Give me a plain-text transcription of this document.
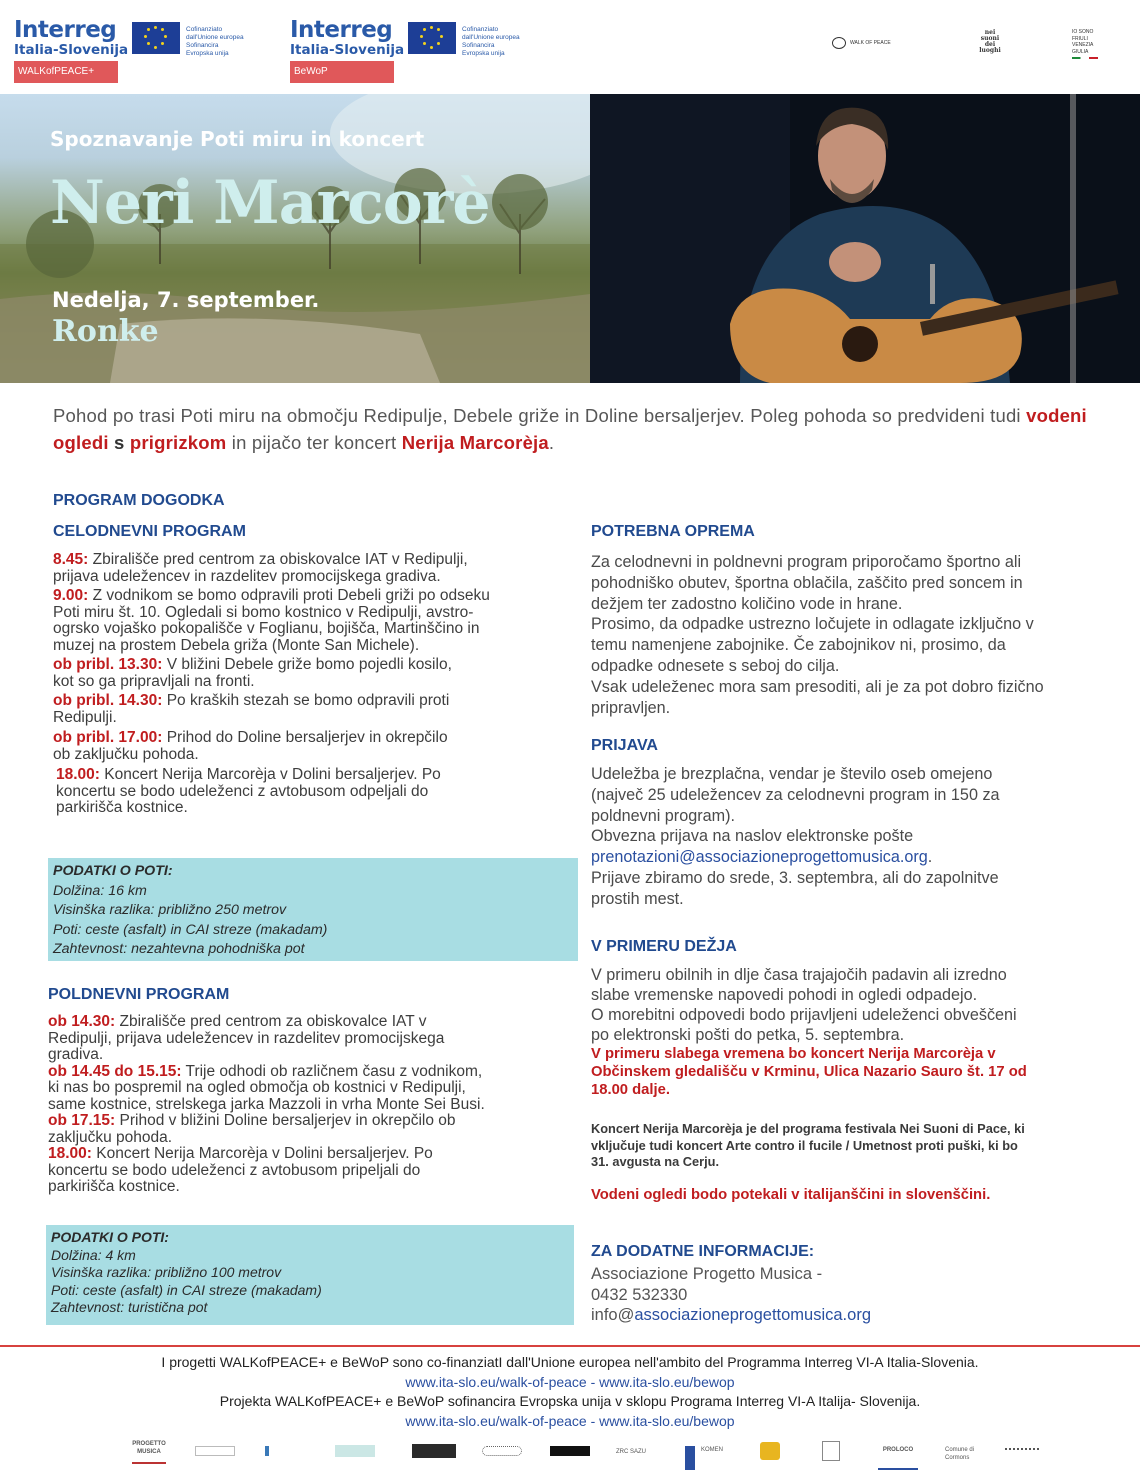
Interreg
Italia-Slovenija
WALKofPEACE+
Cofinanziato
dall'Unione europea
Sofinancira
Evropska unija
Interreg
Italia-Slovenija
BeWoP
Cofinanziato
dall'Unione europea
Sofinancira
Evropska unija
WALK OF PEACE
nei
suoni
dei
luoghi
IO SONO
FRIULI
VENEZIA
GIULIA
Spoznavanje Poti miru in koncert
Neri Marcorè
Nedelja, 7. september.
Ronke
Pohod po trasi Poti miru na območju Redipulje, Debele griže in Doline bersaljerjev. Poleg pohoda so predvideni tudi vodeni ogledi s prigrizkom in pijačo ter koncert Nerija Marcorèja.
PROGRAM DOGODKA
CELODNEVNI PROGRAM
8.45: Zbirališče pred centrom za obiskovalce IAT v Redipulji,
prijava udeležencev in razdelitev promocijskega gradiva.
9.00: Z vodnikom se bomo odpravili proti Debeli griži po odseku
Poti miru št. 10. Ogledali si bomo kostnico v Redipulji, avstro-
ogrsko vojaško pokopališče v Foglianu, bojišča, Martinščino in
muzej na prostem Debela griža (Monte San Michele).
ob pribl. 13.30: V bližini Debele griže bomo pojedli kosilo,
kot so ga pripravljali na fronti.
ob pribl. 14.30: Po kraških stezah se bomo odpravili proti
Redipulji.
ob pribl. 17.00: Prihod do Doline bersaljerjev in okrepčilo
ob zaključku pohoda.
18.00: Koncert Nerija Marcorèja v Dolini bersaljerjev. Po
koncertu se bodo udeleženci z avtobusom odpeljali do
parkirišča kostnice.
PODATKI O POTI:
Dolžina: 16 km
Visinška razlika: približno 250 metrov
Poti: ceste (asfalt) in CAI streze (makadam)
Zahtevnost: nezahtevna pohodniška pot
POLDNEVNI PROGRAM
ob 14.30: Zbirališče pred centrom za obiskovalce IAT v
Redipulji, prijava udeležencev in razdelitev promocijskega
gradiva.
ob 14.45 do 15.15: Trije odhodi ob različnem času z vodnikom,
ki nas bo pospremil na ogled območja ob kostnici v Redipulji,
same kostnice, strelskega jarka Mazzoli in vrha Monte Sei Busi.
ob 17.15: Prihod v bližini Doline bersaljerjev in okrepčilo ob
zaključku pohoda.
18.00: Koncert Nerija Marcorèja v Dolini bersaljerjev. Po
koncertu se bodo udeleženci z avtobusom pripeljali do
parkirišča kostnice.
PODATKI O POTI:
Dolžina: 4 km
Visinška razlika: približno 100 metrov
Poti: ceste (asfalt) in CAI streze (makadam)
Zahtevnost: turistična pot
POTREBNA OPREMA
Za celodnevni in poldnevni program priporočamo športno ali
pohodniško obutev, športna oblačila, zaščito pred soncem in
dežjem ter zadostno količino vode in hrane.
Prosimo, da odpadke ustrezno ločujete in odlagate izključno v
temu namenjene zabojnike. Če zabojnikov ni, prosimo, da
odpadke odnesete s seboj do cilja.
Vsak udeleženec mora sam presoditi, ali je za pot dobro fizično
pripravljen.
PRIJAVA
Udeležba je brezplačna, vendar je število oseb omejeno
(največ 25 udeležencev za celodnevni program in 150 za
poldnevni program).
Obvezna prijava na naslov elektronske pošte
prenotazioni@associazioneprogettomusica.org.
Prijave zbiramo do srede, 3. septembra, ali do zapolnitve
prostih mest.
V PRIMERU DEŽJA
V primeru obilnih in dlje časa trajajočih padavin ali izredno
slabe vremenske napovedi pohodi in ogledi odpadejo.
O morebitni odpovedi bodo prijavljeni udeleženci obveščeni
po elektronski pošti do petka, 5. septembra.
V primeru slabega vremena bo koncert Nerija Marcorèja v
Občinskem gledališču v Krminu, Ulica Nazario Sauro št. 17 od
18.00 dalje.
Koncert Nerija Marcorèja je del programa festivala Nei Suoni di Pace, ki
vključuje tudi koncert Arte contro il fucile / Umetnost proti puški, ki bo
31. avgusta na Cerju.
Vodeni ogledi bodo potekali v italijanščini in slovenščini.
ZA DODATNE INFORMACIJE:
Associazione Progetto Musica -
0432 532330
info@associazioneprogettomusica.org
I progetti WALKofPEACE+ e BeWoP sono co-finanziatI dall'Unione europea nell'ambito del Programma Interreg VI-A Italia-Slovenia.
www.ita-slo.eu/walk-of-peace - www.ita-slo.eu/bewop
Projekta WALKofPEACE+ e BeWoP sofinancira Evropska unija v sklopu Programa Interreg VI-A Italija- Slovenija.
www.ita-slo.eu/walk-of-peace - www.ita-slo.eu/bewop
PROGETTO MUSICA	ZRC SAZU	KOMEN	PROLOCO	Comune di Cormons
